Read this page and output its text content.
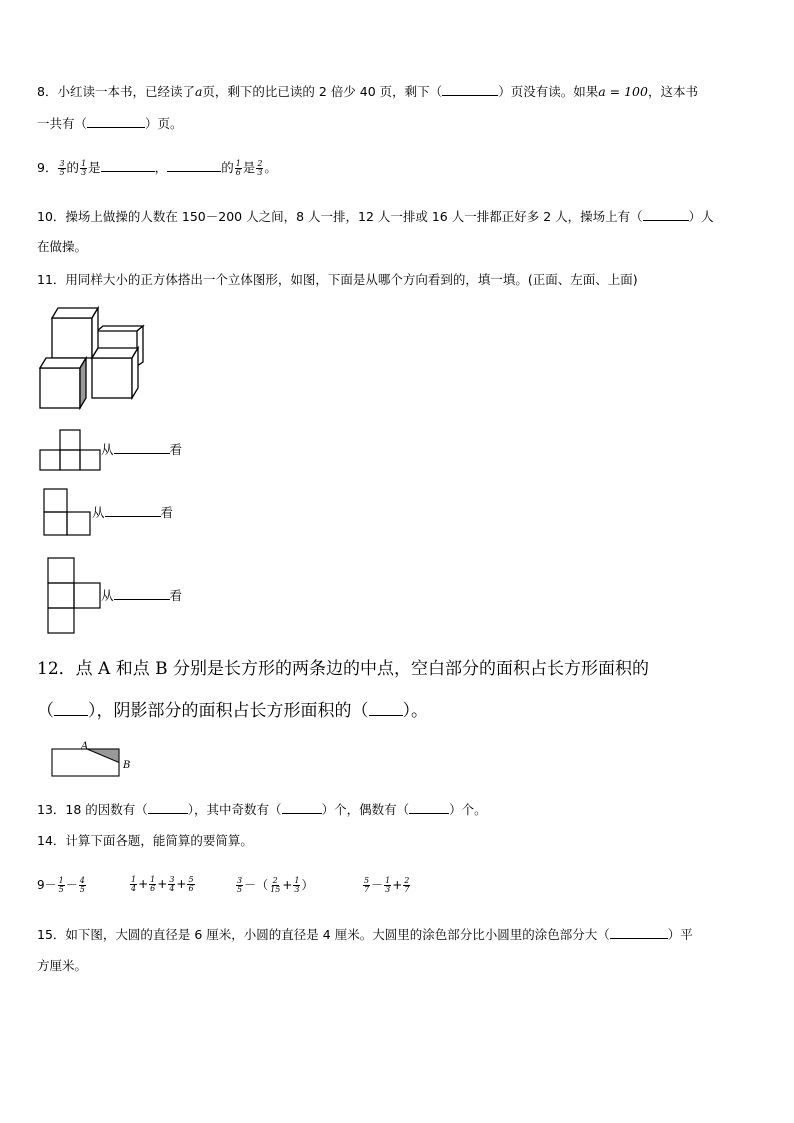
8．小红读一本书，已经读了a页，剩下的比已读的 2 倍少 40 页，剩下（	）页没有读。如果a = 100，这本书
一共有（	）页。
9． $\frac{3}{5}$ 的 $\frac{1}{3}$ 是	，	的 $\frac{1}{6}$ 是 $\frac{2}{3}$ 。
10．操场上做操的人数在 150－200 人之间，8 人一排，12 人一排或 16 人一排都正好多 2 人，操场上有（	）人
在做操。
11．用同样大小的正方体搭出一个立体图形，如图，下面是从哪个方向看到的，填一填。(正面、左面、上面)
从	看
从	看
从	看
12．点 A 和点 B 分别是长方形的两条边的中点，空白部分的面积占长方形面积的
（ ），阴影部分的面积占长方形面积的（ ）。
A
B
13．18 的因数有（	），其中奇数有（	）个，偶数有（	）个。
14．计算下面各题，能简算的要简算。
$9- \frac{1}{5} - \frac{4}{5}$	$\frac{1}{4} + \frac{1}{6} + \frac{3}{4} + \frac{5}{6}$	$\frac{3}{5}$ －（ $\frac{2}{15} + \frac{1}{3}$ ）	$\frac{5}{7} - \frac{1}{3} + \frac{2}{7}$
15．如下图，大圆的直径是 6 厘米，小圆的直径是 4 厘米。大圆里的涂色部分比小圆里的涂色部分大（	）平
方厘米。
